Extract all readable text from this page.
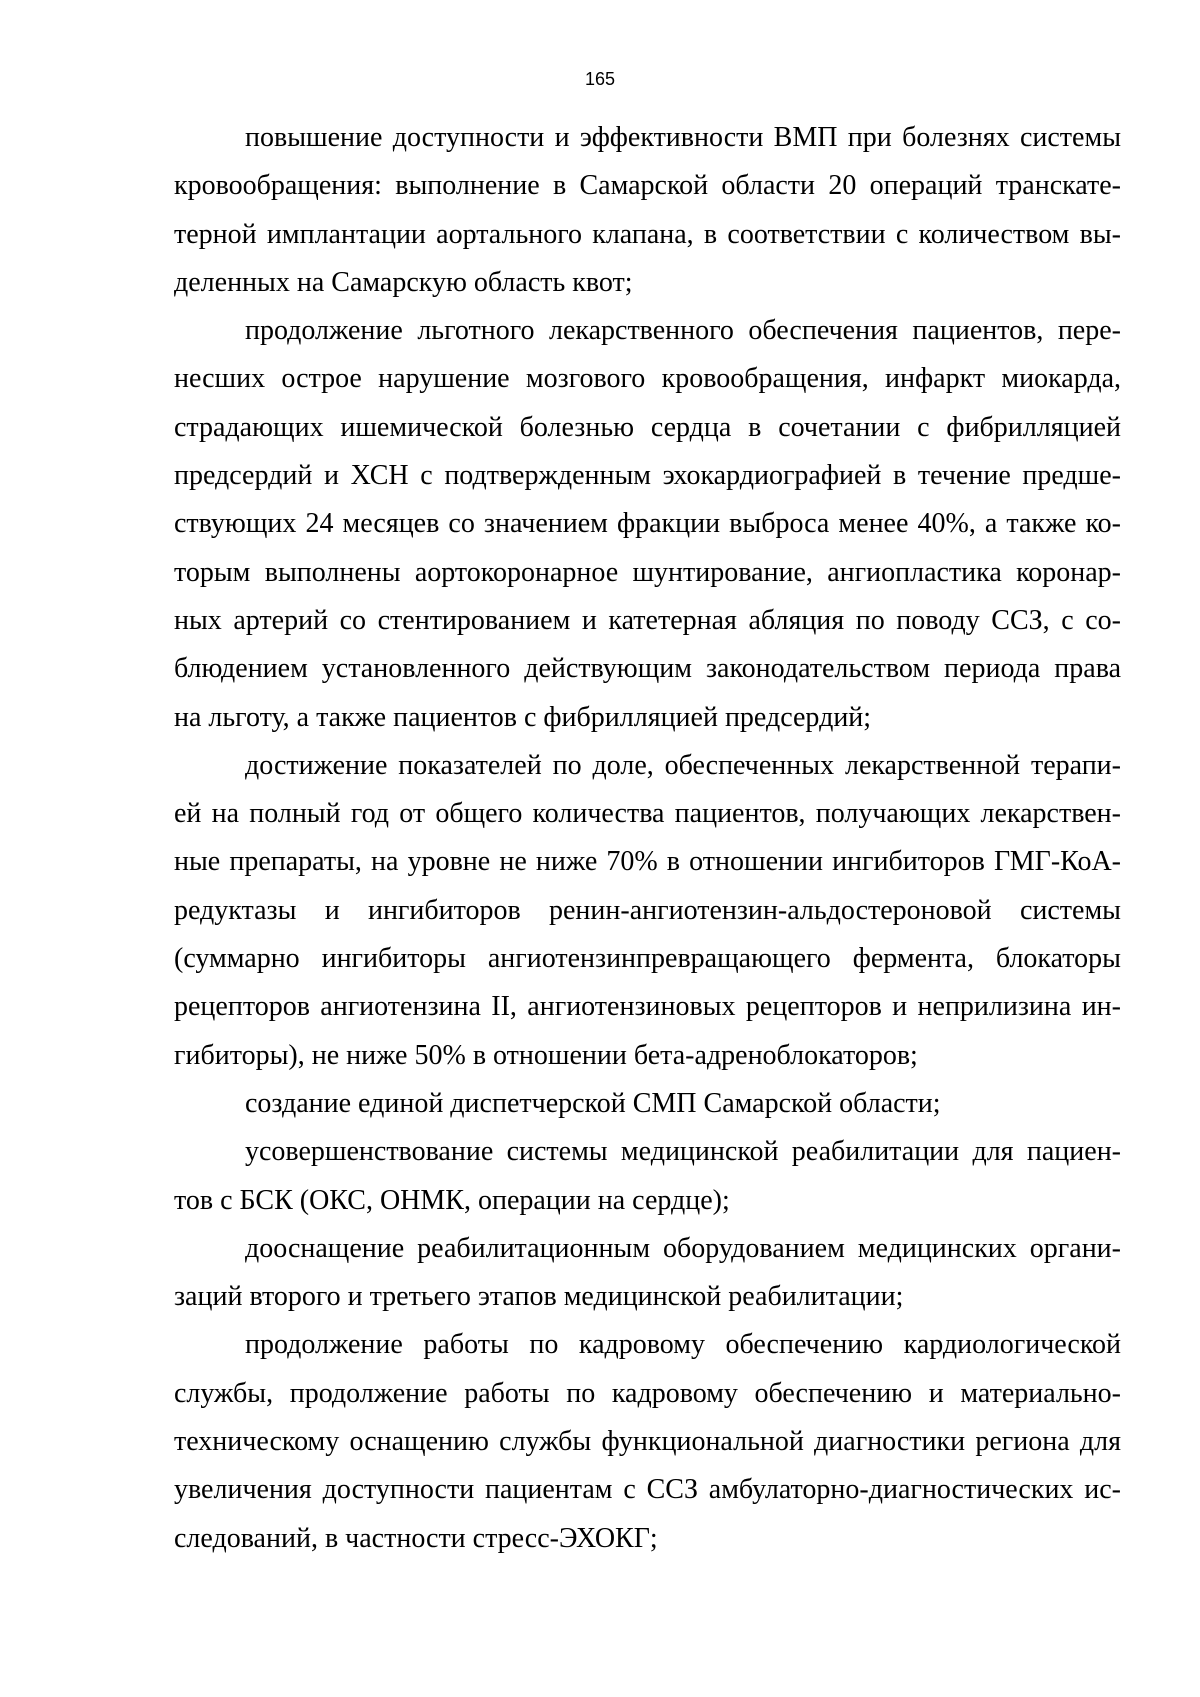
165
повышение доступности и эффективности ВМП при болезнях системы
кровообращения: выполнение в Самарской области 20 операций транскате-
терной имплантации аортального клапана, в соответствии с количеством вы-
деленных на Самарскую область квот;
продолжение льготного лекарственного обеспечения пациентов, пере-
несших острое нарушение мозгового кровообращения, инфаркт миокарда,
страдающих ишемической болезнью сердца в сочетании с фибрилляцией
предсердий и ХСН с подтвержденным эхокардиографией в течение предше-
ствующих 24 месяцев со значением фракции выброса менее 40%, а также ко-
торым выполнены аортокоронарное шунтирование, ангиопластика коронар-
ных артерий со стентированием и катетерная абляция по поводу ССЗ, с со-
блюдением установленного действующим законодательством периода права
на льготу, а также пациентов с фибрилляцией предсердий;
достижение показателей по доле, обеспеченных лекарственной терапи-
ей на полный год от общего количества пациентов, получающих лекарствен-
ные препараты, на уровне не ниже 70% в отношении ингибиторов ГМГ-КоА-
редуктазы и ингибиторов ренин-ангиотензин-альдостероновой системы
(суммарно ингибиторы ангиотензинпревращающего фермента, блокаторы
рецепторов ангиотензина II, ангиотензиновых рецепторов и неприлизина ин-
гибиторы), не ниже 50% в отношении бета-адреноблокаторов;
создание единой диспетчерской СМП Самарской области;
усовершенствование системы медицинской реабилитации для пациен-
тов с БСК (ОКС, ОНМК, операции на сердце);
дооснащение реабилитационным оборудованием медицинских органи-
заций второго и третьего этапов медицинской реабилитации;
продолжение работы по кадровому обеспечению кардиологической
службы, продолжение работы по кадровому обеспечению и материально-
техническому оснащению службы функциональной диагностики региона для
увеличения доступности пациентам с ССЗ амбулаторно-диагностических ис-
следований, в частности стресс-ЭХОКГ;
